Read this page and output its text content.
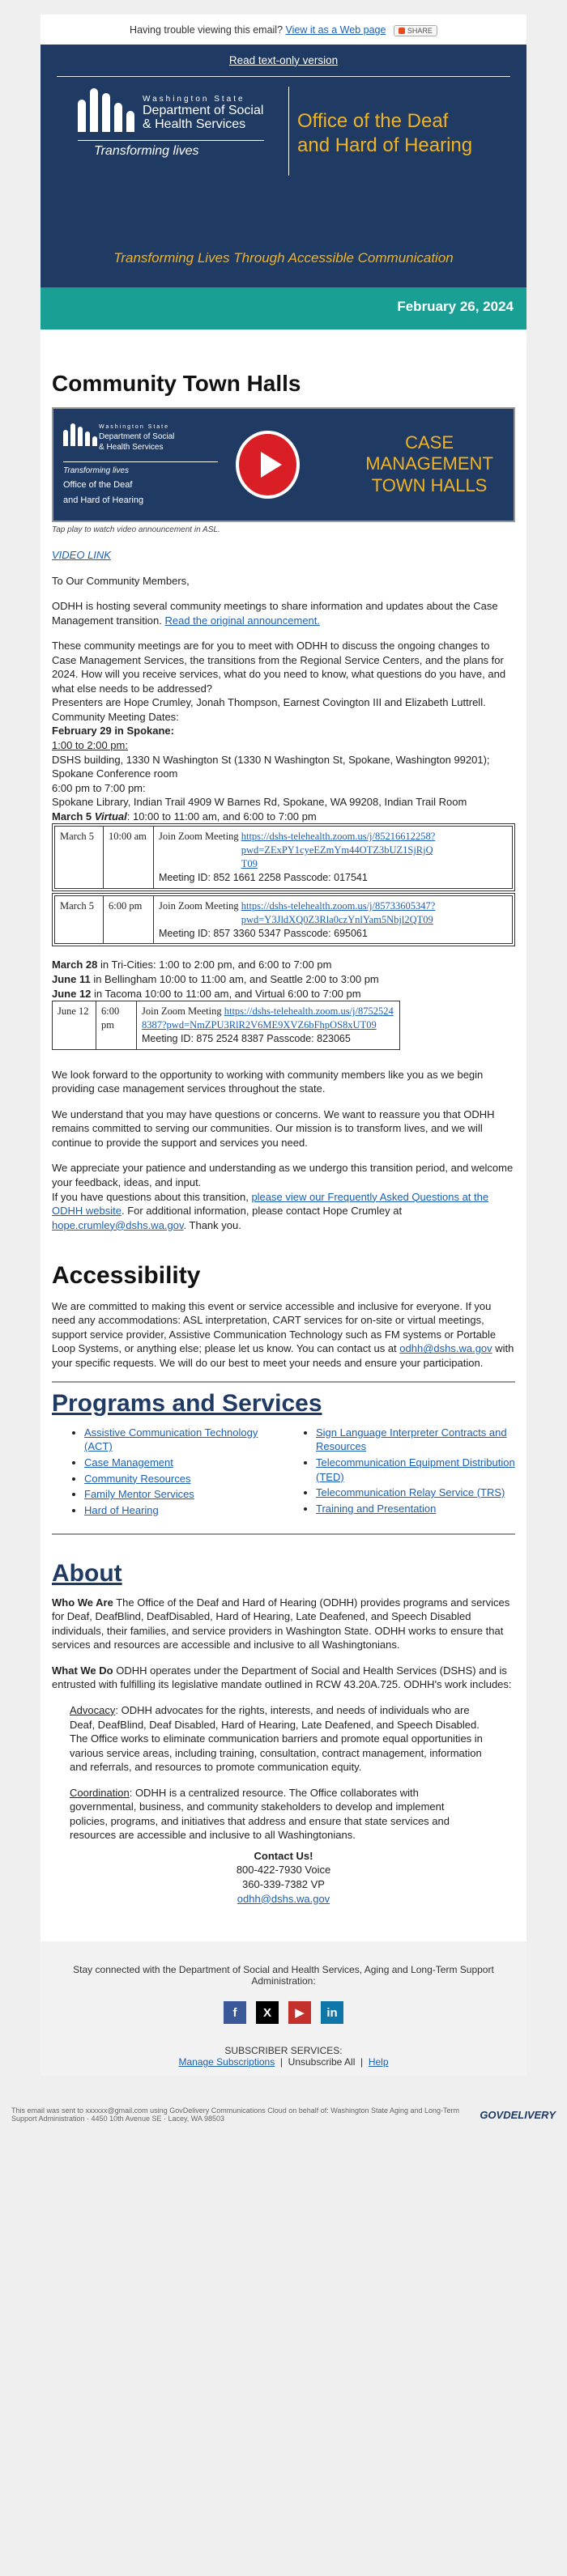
Having trouble viewing this email? View it as a Web page	SHARE
Read text-only version
Washington State
Department of Social
& Health Services
Transforming lives
Office of the Deaf
and Hard of Hearing
Transforming Lives Through Accessible Communication
February 26, 2024
Community Town Halls
Washington State
Department of Social
& Health Services
Transforming lives
Office of the Deaf
and Hard of Hearing
CASE MANAGEMENT
TOWN HALLS
Tap play to watch video announcement in ASL.

VIDEO LINK

To Our Community Members,

ODHH is hosting several community meetings to share information and updates about the Case Management transition. Read the original announcement.

These community meetings are for you to meet with ODHH to discuss the ongoing changes to Case Management Services, the transitions from the Regional Service Centers, and the plans for 2024. How will you receive services, what do you need to know, what questions do you have, and what else needs to be addressed?
Presenters are Hope Crumley, Jonah Thompson, Earnest Covington III and Elizabeth Luttrell.
Community Meeting Dates:
February 29 in Spokane:
1:00 to 2:00 pm:
DSHS building, 1330 N Washington St (1330 N Washington St, Spokane, Washington 99201); Spokane Conference room
6:00 pm to 7:00 pm:
Spokane Library, Indian Trail 4909 W Barnes Rd, Spokane, WA 99208, Indian Trail Room
March 5 Virtual: 10:00 to 11:00 am, and 6:00 to 7:00 pm
March 5	10:00 am	Join Zoom Meeting https://dshs-telehealth.zoom.us/j/85216612258?pwd=ZExPY1cyeEZmYm44OTZ3bUZ1SjRjQT09
Meeting ID: 852 1661 2258 Passcode: 017541
March 5	6:00 pm	Join Zoom Meeting https://dshs-telehealth.zoom.us/j/85733605347?pwd=Y3JldXQ0Z3Rla0czYnlYam5Nbjl2QT09
Meeting ID: 857 3360 5347 Passcode: 695061
March 28 in Tri-Cities: 1:00 to 2:00 pm, and 6:00 to 7:00 pm
June 11 in Bellingham 10:00 to 11:00 am, and Seattle 2:00 to 3:00 pm
June 12 in Tacoma 10:00 to 11:00 am, and Virtual 6:00 to 7:00 pm
June 12	6:00 pm	Join Zoom Meeting https://dshs-telehealth.zoom.us/j/87525248387?pwd=NmZPU3RlR2V6ME9XVZ6bFhpOS8xUT09
Meeting ID: 875 2524 8387 Passcode: 823065

We look forward to the opportunity to working with community members like you as we begin providing case management services throughout the state.

We understand that you may have questions or concerns. We want to reassure you that ODHH remains committed to serving our communities. Our mission is to transform lives, and we will continue to provide the support and services you need.

We appreciate your patience and understanding as we undergo this transition period, and welcome your feedback, ideas, and input.

If you have questions about this transition, please view our Frequently Asked Questions at the ODHH website. For additional information, please contact Hope Crumley at hope.crumley@dshs.wa.gov. Thank you.

Accessibility

We are committed to making this event or service accessible and inclusive for everyone. If you need any accommodations: ASL interpretation, CART services for on-site or virtual meetings, support service provider, Assistive Communication Technology such as FM systems or Portable Loop Systems, or anything else; please let us know. You can contact us at odhh@dshs.wa.gov with your specific requests. We will do our best to meet your needs and ensure your participation.

Programs and Services
• Assistive Communication Technology (ACT)
• Case Management
• Community Resources
• Family Mentor Services
• Hard of Hearing
• Sign Language Interpreter Contracts and Resources
• Telecommunication Equipment Distribution (TED)
• Telecommunication Relay Service (TRS)
• Training and Presentation
About

Who We Are The Office of the Deaf and Hard of Hearing (ODHH) provides programs and services for Deaf, DeafBlind, DeafDisabled, Hard of Hearing, Late Deafened, and Speech Disabled individuals, their families, and service providers in Washington State. ODHH works to ensure that services and resources are accessible and inclusive to all Washingtonians.

What We Do ODHH operates under the Department of Social and Health Services (DSHS) and is entrusted with fulfilling its legislative mandate outlined in RCW 43.20A.725. ODHH's work includes:

Advocacy: ODHH advocates for the rights, interests, and needs of individuals who are Deaf, DeafBlind, Deaf Disabled, Hard of Hearing, Late Deafened, and Speech Disabled. The Office works to eliminate communication barriers and promote equal opportunities in various service areas, including training, consultation, contract management, information and referrals, and resources to promote communication equity.

Coordination: ODHH is a centralized resource. The Office collaborates with governmental, business, and community stakeholders to develop and implement policies, programs, and initiatives that address and ensure that state services and resources are accessible and inclusive to all Washingtonians.

Contact Us!
800-422-7930 Voice
360-339-7382 VP
odhh@dshs.wa.gov
Stay connected with the Department of Social and Health Services, Aging and Long-Term Support Administration:
f	X	▶	in
SUBSCRIBER SERVICES:
Manage Subscriptions  |  Unsubscribe All  |  Help
This email was sent to xxxxxx@gmail.com using GovDelivery Communications Cloud on behalf of: Washington State Aging and Long-Term Support Administration · 4450 10th Avenue SE · Lacey, WA 98503	GOVDELIVERY
